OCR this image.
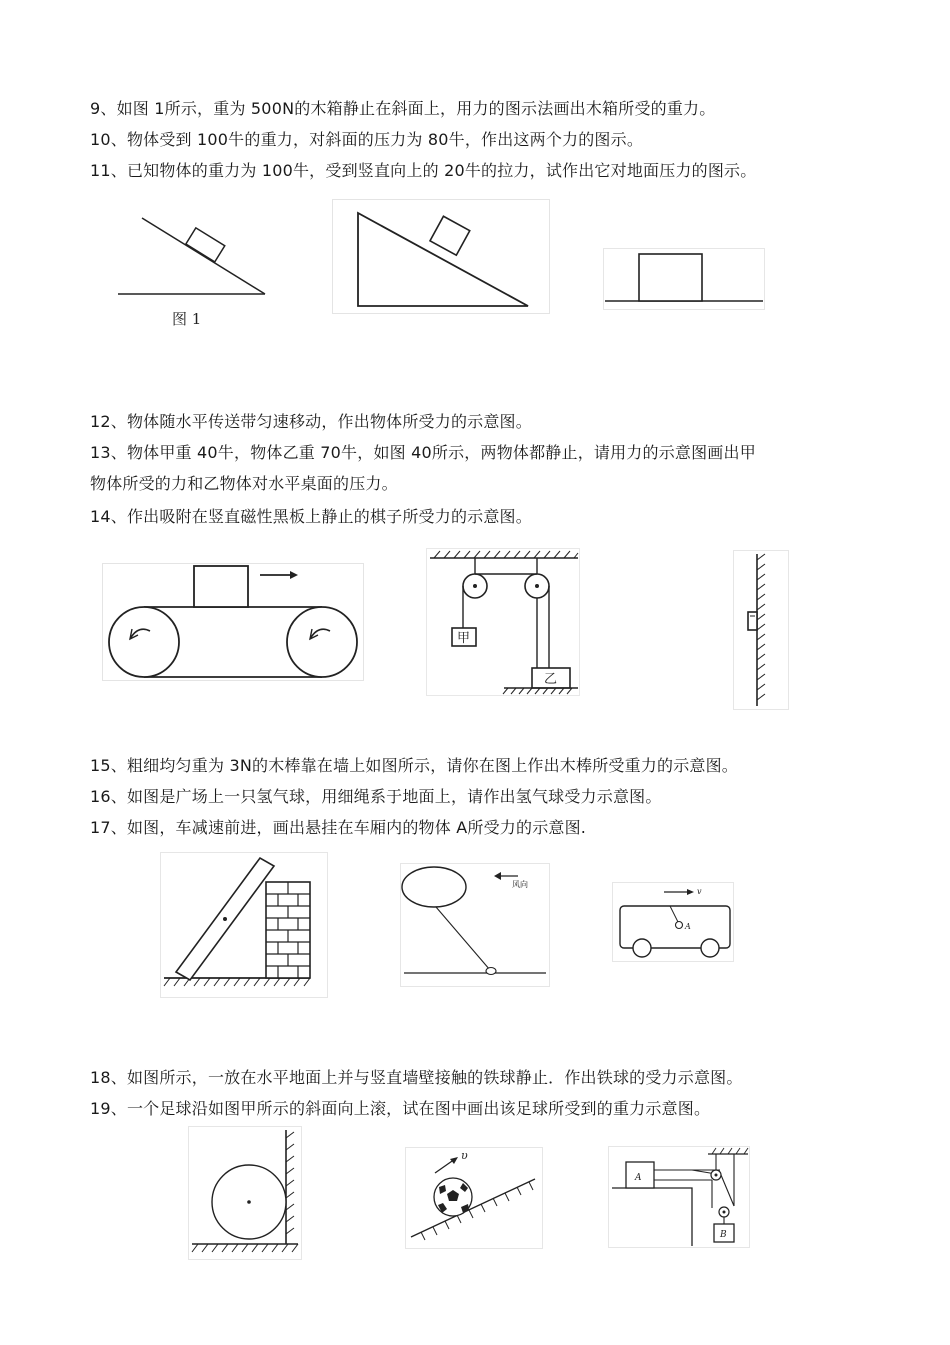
9、如图 1所示，重为 500N的木箱静止在斜面上，用力的图示法画出木箱所受的重力。
10、物体受到 100牛的重力，对斜面的压力为 80牛，作出这两个力的图示。
11、已知物体的重力为 100牛，受到竖直向上的 20牛的拉力，试作出它对地面压力的图示。
图 1
12、物体随水平传送带匀速移动，作出物体所受力的示意图。
13、物体甲重 40牛，物体乙重 70牛，如图 40所示，两物体都静止，请用力的示意图画出甲
物体所受的力和乙物体对水平桌面的压力。
14、作出吸附在竖直磁性黑板上静止的棋子所受力的示意图。
甲
乙
15、粗细均匀重为 3N的木棒靠在墙上如图所示，请你在图上作出木棒所受重力的示意图。
16、如图是广场上一只氢气球，用细绳系于地面上，请作出氢气球受力示意图。
17、如图，车减速前进，画出悬挂在车厢内的物体 A所受力的示意图.
风向
v
A
18、如图所示，一放在水平地面上并与竖直墙壁接触的铁球静止．作出铁球的受力示意图。
19、一个足球沿如图甲所示的斜面向上滚，试在图中画出该足球所受到的重力示意图。
υ
A
B
